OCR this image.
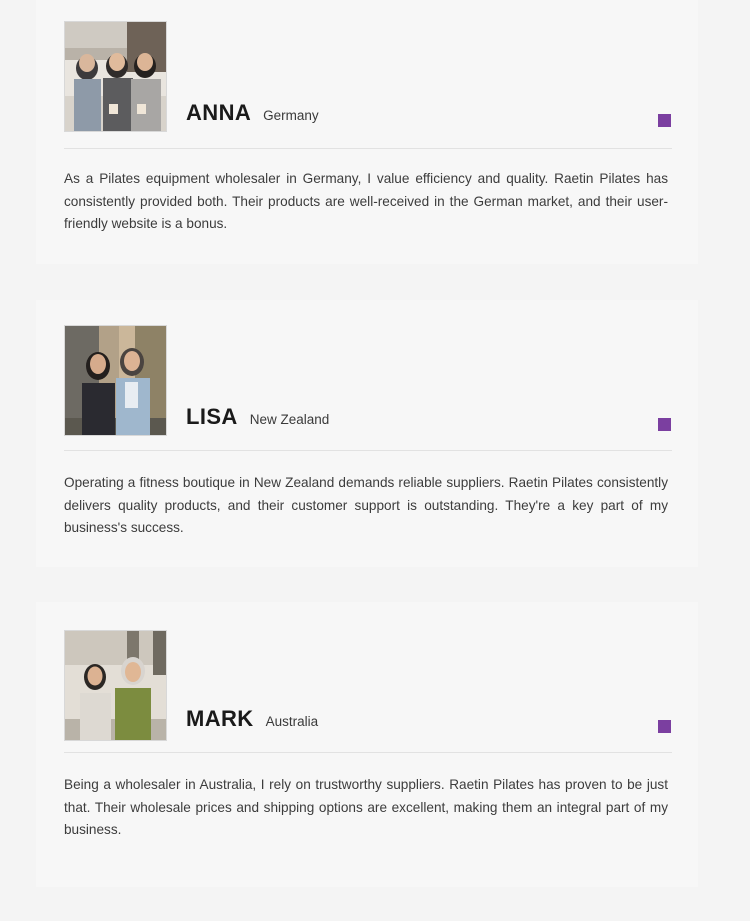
ANNA Germany
As a Pilates equipment wholesaler in Germany, I value efficiency and quality. Raetin Pilates has consistently provided both. Their products are well-received in the German market, and their user-friendly website is a bonus.
LISA New Zealand
Operating a fitness boutique in New Zealand demands reliable suppliers. Raetin Pilates consistently delivers quality products, and their customer support is outstanding. They're a key part of my business's success.
MARK Australia
Being a wholesaler in Australia, I rely on trustworthy suppliers. Raetin Pilates has proven to be just that. Their wholesale prices and shipping options are excellent, making them an integral part of my business.
